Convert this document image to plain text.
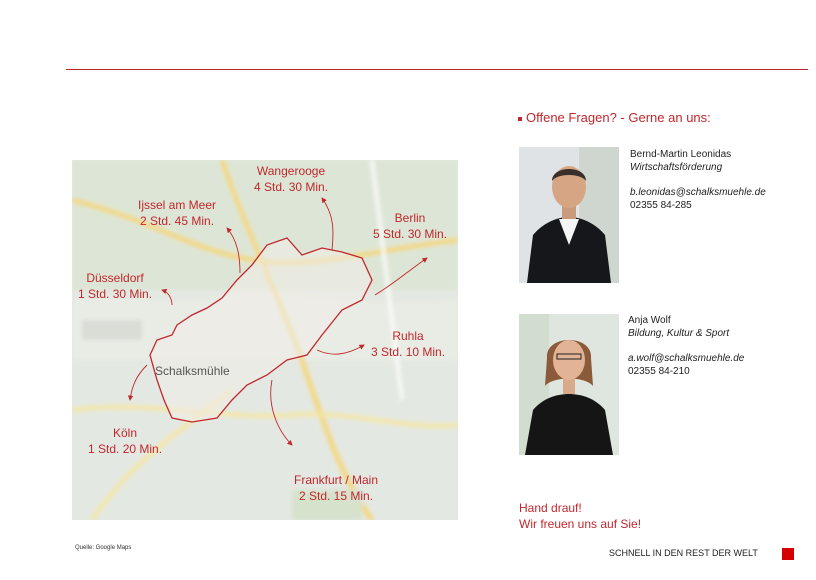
Schalksmühle
Wangerooge
4 Std. 30 Min.
Ijssel am Meer
2 Std. 45 Min.	Berlin
5 Std. 30 Min.
Düsseldorf
1 Std. 30 Min.
Ruhla
3 Std. 10 Min.
Köln
1 Std. 20 Min.
Frankfurt / Main
2 Std. 15 Min.
Quelle: Google Maps
Offene Fragen? - Gerne an uns:
Bernd-Martin Leonidas
Wirtschaftsförderung
b.leonidas@schalksmuehle.de
02355 84-285
Anja Wolf
Bildung, Kultur & Sport
a.wolf@schalksmuehle.de
02355 84-210
Hand drauf!
Wir freuen uns auf Sie!
SCHNELL IN DEN REST DER WELT
